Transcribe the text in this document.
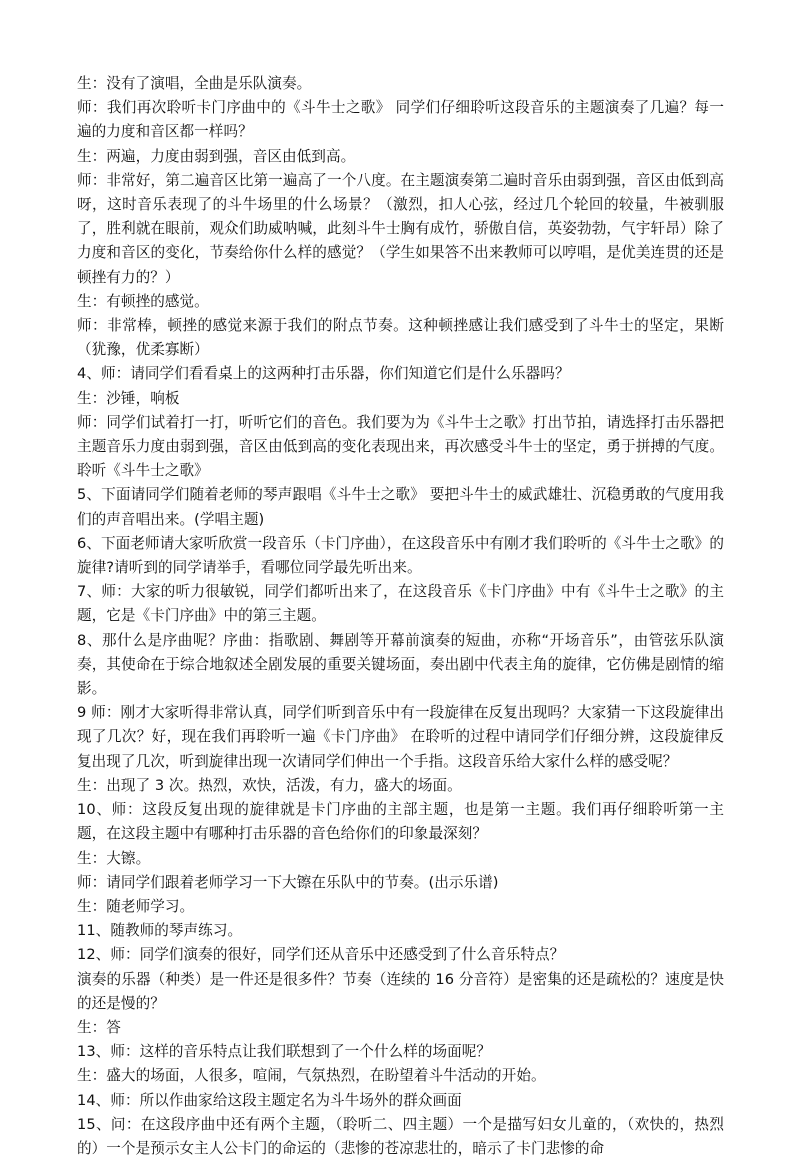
生：没有了演唱，全曲是乐队演奏。

师：我们再次聆听卡门序曲中的《斗牛士之歌》 同学们仔细聆听这段音乐的主题演奏了几遍？每一遍的力度和音区都一样吗？

生：两遍，力度由弱到强，音区由低到高。

师：非常好，第二遍音区比第一遍高了一个八度。在主题演奏第二遍时音乐由弱到强，音区由低到高呀，这时音乐表现了的斗牛场里的什么场景？（激烈，扣人心弦，经过几个轮回的较量，牛被驯服了，胜利就在眼前，观众们助威呐喊，此刻斗牛士胸有成竹，骄傲自信，英姿勃勃，气宇轩昂）除了力度和音区的变化，节奏给你什么样的感觉？（学生如果答不出来教师可以哼唱，是优美连贯的还是顿挫有力的？）

生：有顿挫的感觉。

师：非常棒，顿挫的感觉来源于我们的附点节奏。这种顿挫感让我们感受到了斗牛士的坚定，果断（犹豫，优柔寡断）

4、师：请同学们看看桌上的这两种打击乐器，你们知道它们是什么乐器吗？

生：沙锤，响板

师：同学们试着打一打，听听它们的音色。我们要为为《斗牛士之歌》打出节拍，请选择打击乐器把主题音乐力度由弱到强，音区由低到高的变化表现出来，再次感受斗牛士的坚定，勇于拼搏的气度。聆听《斗牛士之歌》

5、下面请同学们随着老师的琴声跟唱《斗牛士之歌》 要把斗牛士的威武雄壮、沉稳勇敢的气度用我们的声音唱出来。(学唱主题)

6、下面老师请大家听欣赏一段音乐（卡门序曲），在这段音乐中有刚才我们聆听的《斗牛士之歌》的旋律?请听到的同学请举手，看哪位同学最先听出来。

7、师：大家的听力很敏锐，同学们都听出来了，在这段音乐《卡门序曲》中有《斗牛士之歌》的主题，它是《卡门序曲》中的第三主题。

8、那什么是序曲呢？序曲：指歌剧、舞剧等开幕前演奏的短曲，亦称“开场音乐”，由管弦乐队演奏，其使命在于综合地叙述全剧发展的重要关键场面，奏出剧中代表主角的旋律，它仿佛是剧情的缩影。

9 师：刚才大家听得非常认真，同学们听到音乐中有一段旋律在反复出现吗？大家猜一下这段旋律出现了几次？好，现在我们再聆听一遍《卡门序曲》 在聆听的过程中请同学们仔细分辨，这段旋律反复出现了几次，听到旋律出现一次请同学们伸出一个手指。这段音乐给大家什么样的感受呢？

生：出现了 3 次。热烈，欢快，活泼，有力，盛大的场面。

10、师：这段反复出现的旋律就是卡门序曲的主部主题，也是第一主题。我们再仔细聆听第一主题，在这段主题中有哪种打击乐器的音色给你们的印象最深刻？

生：大镲。

师：请同学们跟着老师学习一下大镲在乐队中的节奏。(出示乐谱)

生：随老师学习。

11、随教师的琴声练习。

12、师：同学们演奏的很好，同学们还从音乐中还感受到了什么音乐特点？

演奏的乐器（种类）是一件还是很多件？节奏（连续的 16 分音符）是密集的还是疏松的？速度是快的还是慢的？

生：答

13、师：这样的音乐特点让我们联想到了一个什么样的场面呢？

生：盛大的场面，人很多，喧闹，气氛热烈，在盼望着斗牛活动的开始。

14、师：所以作曲家给这段主题定名为斗牛场外的群众画面

15、问：在这段序曲中还有两个主题，（聆听二、四主题）一个是描写妇女儿童的，（欢快的，热烈的）一个是预示女主人公卡门的命运的（悲惨的苍凉悲壮的，暗示了卡门悲惨的命
